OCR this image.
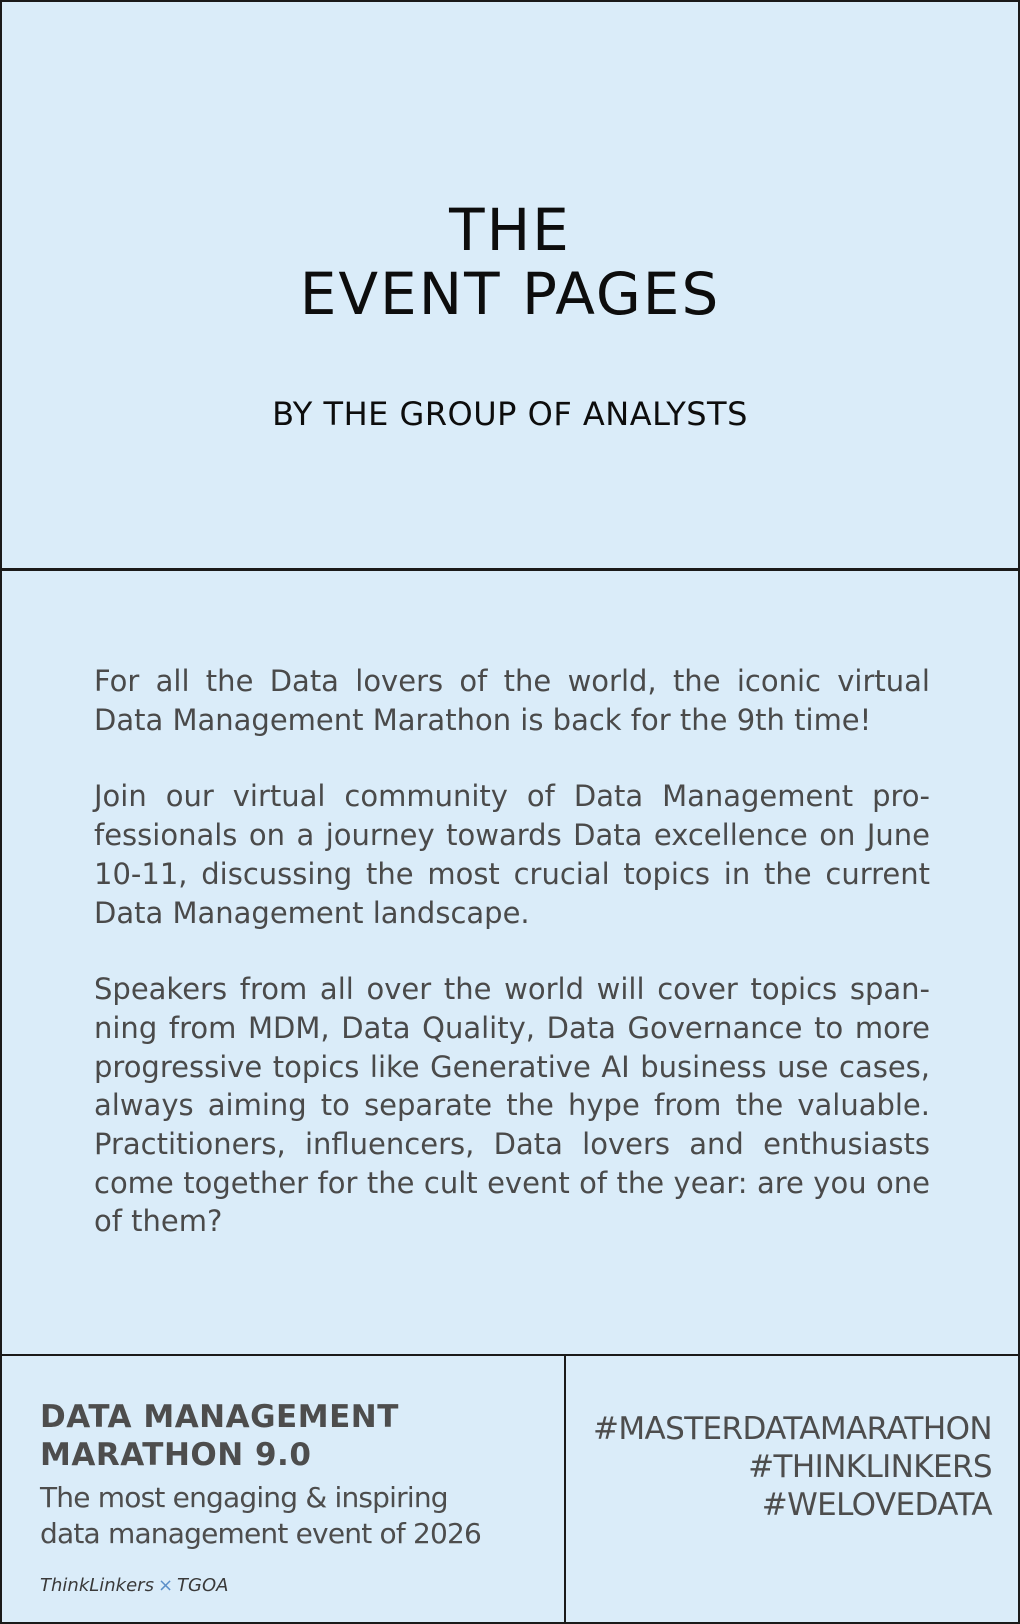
THE
EVENT PAGES
BY THE GROUP OF ANALYSTS

For all the Data lovers of the world, the iconic virtual Data Management Marathon is back for the 9th time!

Join our virtual community of Data Management professionals on a journey towards Data excellence on June 10-11, discussing the most crucial topics in the current Data Management landscape.

Speakers from all over the world will cover topics spanning from MDM, Data Quality, Data Governance to more progressive topics like Generative AI business use cases, always aiming to separate the hype from the valuable. Practitioners, influencers, Data lovers and enthusiasts come together for the cult event of the year: are you one of them?

DATA MANAGEMENT
MARATHON 9.0
The most engaging & inspiring
data management event of 2026
ThinkLinkers × TGOA
#MASTERDATAMARATHON
#THINKLINKERS
#WELOVEDATA
